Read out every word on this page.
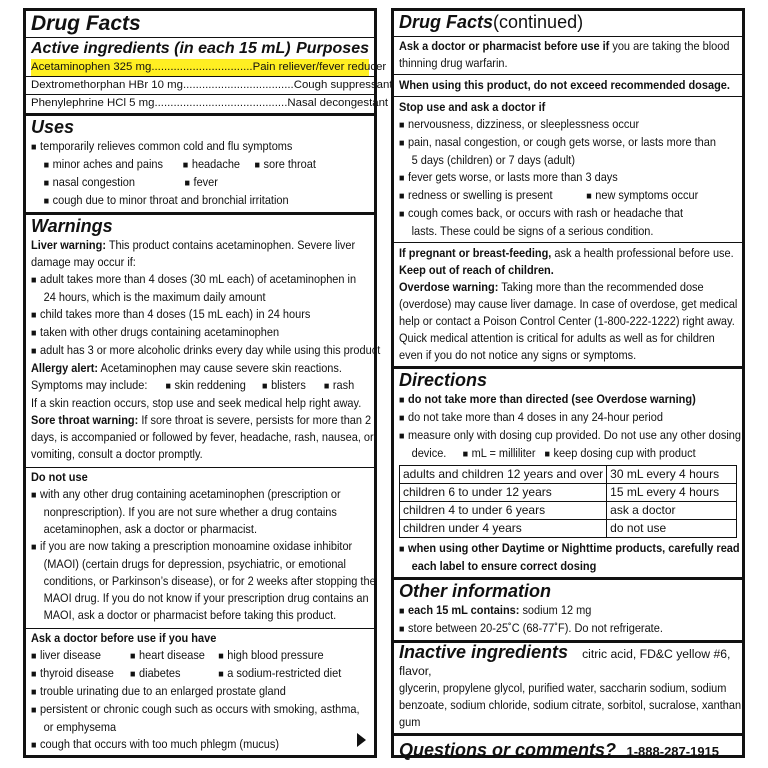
Drug Facts
Active ingredients (in each 15 mL) Purposes
Acetaminophen 325 mg................................Pain reliever/fever reducer
Dextromethorphan HBr 10 mg...................................Cough suppressant
Phenylephrine HCl 5 mg..........................................Nasal decongestant
Uses
■ temporarily relieves common cold and flu symptoms
■ minor aches and pains ■ headache ■ sore throat
■ nasal congestion	■ fever
■ cough due to minor throat and bronchial irritation
Warnings
Liver warning: This product contains acetaminophen. Severe liver
damage may occur if:
■ adult takes more than 4 doses (30 mL each) of acetaminophen in
24 hours, which is the maximum daily amount
■ child takes more than 4 doses (15 mL each) in 24 hours
■ taken with other drugs containing acetaminophen
■ adult has 3 or more alcoholic drinks every day while using this product
Allergy alert: Acetaminophen may cause severe skin reactions.
Symptoms may include: ■ skin reddening ■ blisters ■ rash
If a skin reaction occurs, stop use and seek medical help right away.
Sore throat warning: If sore throat is severe, persists for more than 2
days, is accompanied or followed by fever, headache, rash, nausea, or
vomiting, consult a doctor promptly.
Do not use
■ with any other drug containing acetaminophen (prescription or
nonprescription). If you are not sure whether a drug contains
acetaminophen, ask a doctor or pharmacist.
■ if you are now taking a prescription monoamine oxidase inhibitor
(MAOI) (certain drugs for depression, psychiatric, or emotional
conditions, or Parkinson’s disease), or for 2 weeks after stopping the
MAOI drug. If you do not know if your prescription drug contains an
MAOI, ask a doctor or pharmacist before taking this product.
Ask a doctor before use if you have
■ liver disease	■ heart disease ■ high blood pressure
■ thyroid disease ■ diabetes	■ a sodium-restricted diet
■ trouble urinating due to an enlarged prostate gland
■ persistent or chronic cough such as occurs with smoking, asthma,
or emphysema
■ cough that occurs with too much phlegm (mucus)
Drug Facts(continued)
Ask a doctor or pharmacist before use if you are taking the blood
thinning drug warfarin.
When using this product, do not exceed recommended dosage.
Stop use and ask a doctor if
■ nervousness, dizziness, or sleeplessness occur
■ pain, nasal congestion, or cough gets worse, or lasts more than
5 days (children) or 7 days (adult)
■ fever gets worse, or lasts more than 3 days
■ redness or swelling is present	■ new symptoms occur
■ cough comes back, or occurs with rash or headache that
lasts. These could be signs of a serious condition.
If pregnant or breast-feeding, ask a health professional before use.
Keep out of reach of children.
Overdose warning: Taking more than the recommended dose
(overdose) may cause liver damage. In case of overdose, get medical
help or contact a Poison Control Center (1-800-222-1222) right away.
Quick medical attention is critical for adults as well as for children
even if you do not notice any signs or symptoms.
Directions
■ do not take more than directed (see Overdose warning)
■ do not take more than 4 doses in any 24-hour period
■ measure only with dosing cup provided. Do not use any other dosing
device. ■ mL = milliliter ■ keep dosing cup with product
adults and children 12 years and over	30 mL every 4 hours
children 6 to under 12 years	15 mL every 4 hours
children 4 to under 6 years	ask a doctor
children under 4 years	do not use
■ when using other Daytime or Nighttime products, carefully read
each label to ensure correct dosing
Other information
■ each 15 mL contains: sodium 12 mg
■ store between 20-25˚C (68-77˚F). Do not refrigerate.
Inactive ingredients citric acid, FD&C yellow #6, flavor,
glycerin, propylene glycol, purified water, saccharin sodium, sodium
benzoate, sodium chloride, sodium citrate, sorbitol, sucralose, xanthan
gum
Questions or comments? 1-888-287-1915
